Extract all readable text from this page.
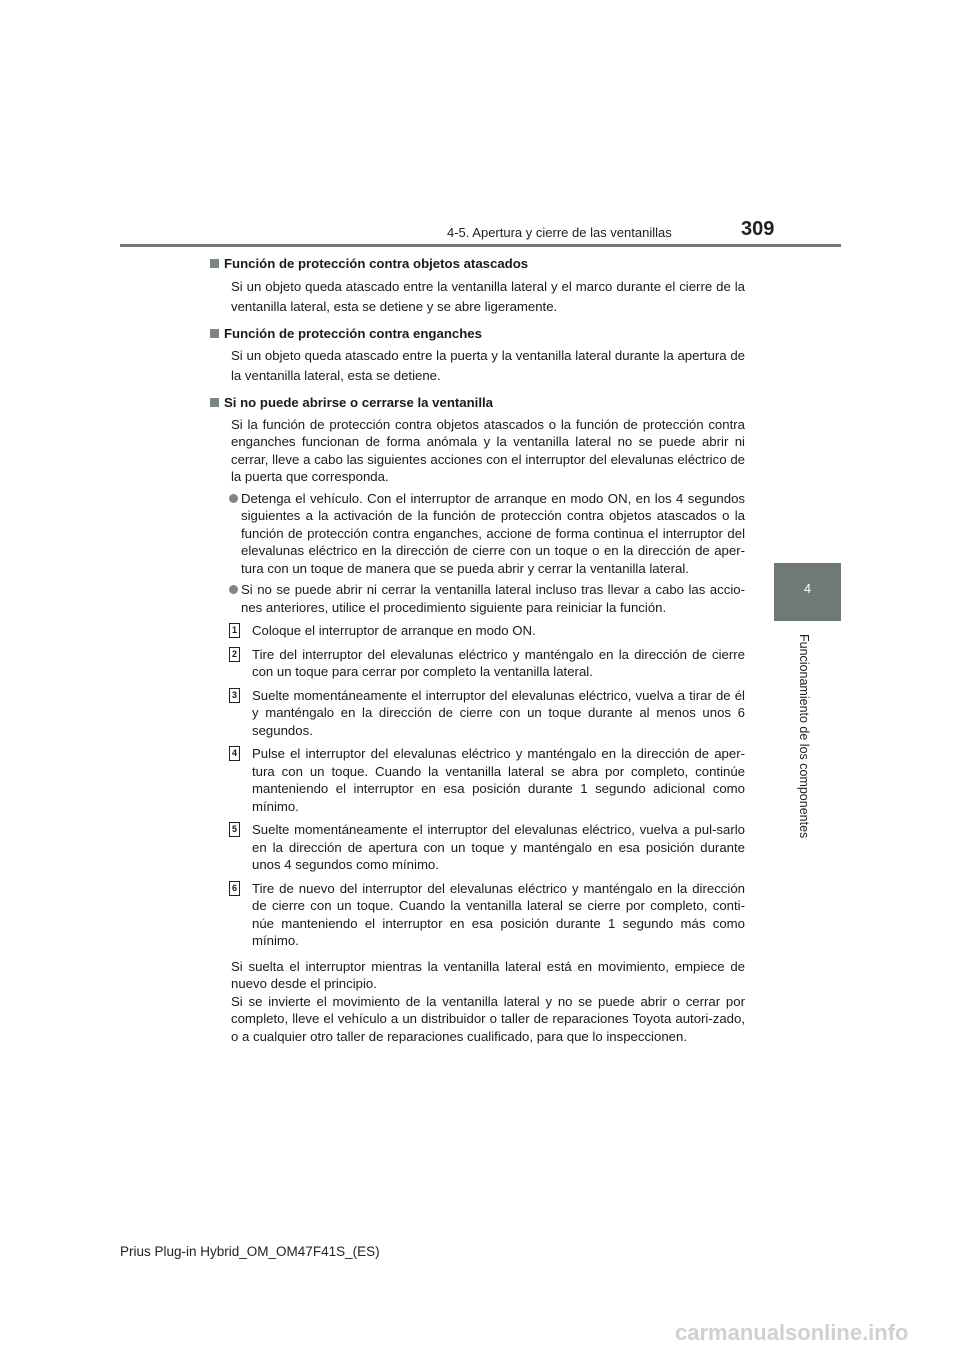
4-5. Apertura y cierre de las ventanillas	309
4
Funcionamiento de los componentes
Función de protección contra objetos atascados
Si un objeto queda atascado entre la ventanilla lateral y el marco durante el cierre de la ventanilla lateral, esta se detiene y se abre ligeramente.
Función de protección contra enganches
Si un objeto queda atascado entre la puerta y la ventanilla lateral durante la apertura de la ventanilla lateral, esta se detiene.
Si no puede abrirse o cerrarse la ventanilla
Si la función de protección contra objetos atascados o la función de protección contra enganches funcionan de forma anómala y la ventanilla lateral no se puede abrir ni cerrar, lleve a cabo las siguientes acciones con el interruptor del elevalunas eléctrico de la puerta que corresponda.
Detenga el vehículo. Con el interruptor de arranque en modo ON, en los 4 segundos siguientes a la activación de la función de protección contra objetos atascados o la función de protección contra enganches, accione de forma continua el interruptor del elevalunas eléctrico en la dirección de cierre con un toque o en la dirección de aper-tura con un toque de manera que se pueda abrir y cerrar la ventanilla lateral.
Si no se puede abrir ni cerrar la ventanilla lateral incluso tras llevar a cabo las accio-nes anteriores, utilice el procedimiento siguiente para reiniciar la función.
1 Coloque el interruptor de arranque en modo ON.
2 Tire del interruptor del elevalunas eléctrico y manténgalo en la dirección de cierre con un toque para cerrar por completo la ventanilla lateral.
3 Suelte momentáneamente el interruptor del elevalunas eléctrico, vuelva a tirar de él y manténgalo en la dirección de cierre con un toque durante al menos unos 6 segundos.
4 Pulse el interruptor del elevalunas eléctrico y manténgalo en la dirección de aper-tura con un toque. Cuando la ventanilla lateral se abra por completo, continúe manteniendo el interruptor en esa posición durante 1 segundo adicional como mínimo.
5 Suelte momentáneamente el interruptor del elevalunas eléctrico, vuelva a pul-sarlo en la dirección de apertura con un toque y manténgalo en esa posición durante unos 4 segundos como mínimo.
6 Tire de nuevo del interruptor del elevalunas eléctrico y manténgalo en la dirección de cierre con un toque. Cuando la ventanilla lateral se cierre por completo, conti-núe manteniendo el interruptor en esa posición durante 1 segundo más como mínimo.
Si suelta el interruptor mientras la ventanilla lateral está en movimiento, empiece de nuevo desde el principio.
Si se invierte el movimiento de la ventanilla lateral y no se puede abrir o cerrar por completo, lleve el vehículo a un distribuidor o taller de reparaciones Toyota autori-zado, o a cualquier otro taller de reparaciones cualificado, para que lo inspeccionen.
Prius Plug-in Hybrid_OM_OM47F41S_(ES)
carmanualsonline.info
